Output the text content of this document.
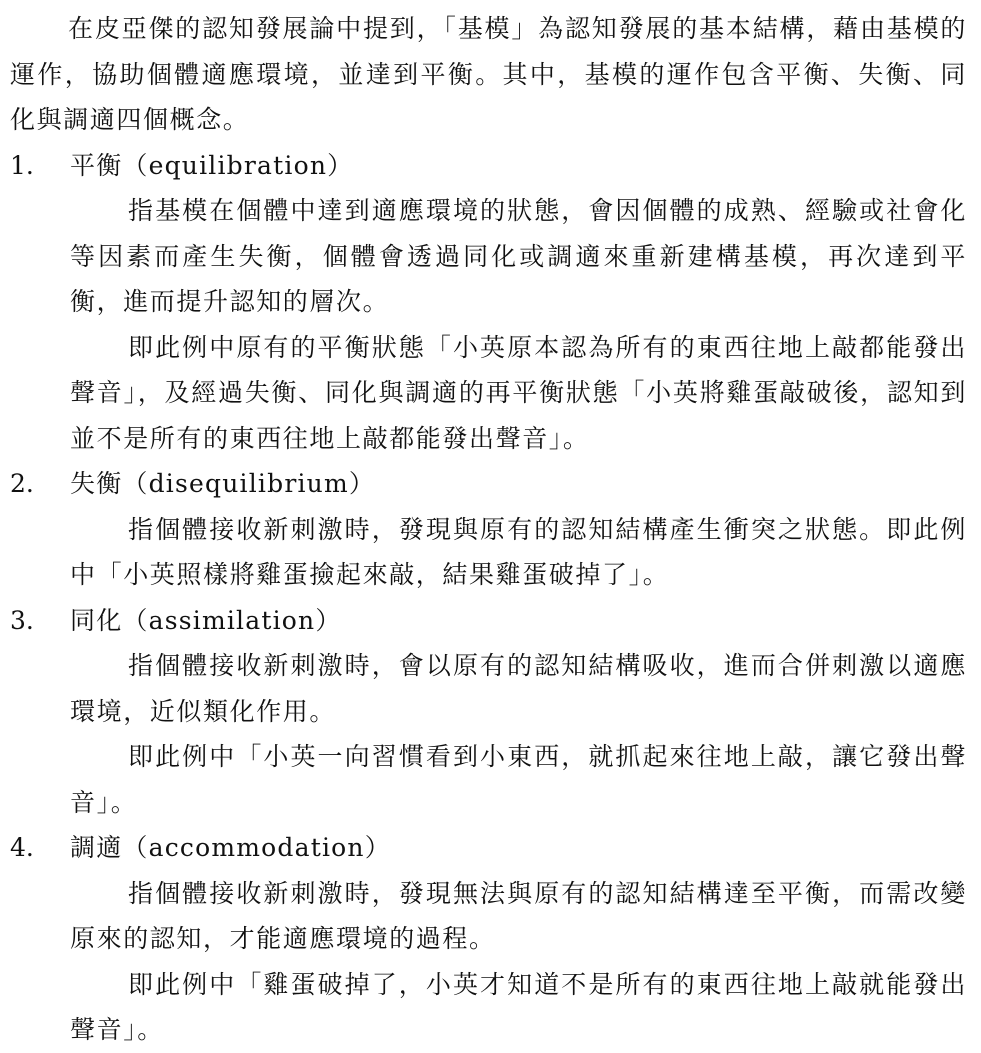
在皮亞傑的認知發展論中提到，「基模」為認知發展的基本結構，藉由基模的運作，協助個體適應環境，並達到平衡。其中，基模的運作包含平衡、失衡、同化與調適四個概念。

1.	平衡（equilibration）

指基模在個體中達到適應環境的狀態，會因個體的成熟、經驗或社會化等因素而產生失衡，個體會透過同化或調適來重新建構基模，再次達到平衡，進而提升認知的層次。

即此例中原有的平衡狀態「小英原本認為所有的東西往地上敲都能發出聲音」，及經過失衡、同化與調適的再平衡狀態「小英將雞蛋敲破後，認知到並不是所有的東西往地上敲都能發出聲音」。

2.	失衡（disequilibrium）

指個體接收新刺激時，發現與原有的認知結構產生衝突之狀態。即此例中「小英照樣將雞蛋撿起來敲，結果雞蛋破掉了」。

3.	同化（assimilation）

指個體接收新刺激時，會以原有的認知結構吸收，進而合併刺激以適應環境，近似類化作用。

即此例中「小英一向習慣看到小東西，就抓起來往地上敲，讓它發出聲音」。

4.	調適（accommodation）

指個體接收新刺激時，發現無法與原有的認知結構達至平衡，而需改變原來的認知，才能適應環境的過程。

即此例中「雞蛋破掉了，小英才知道不是所有的東西往地上敲就能發出聲音」。
